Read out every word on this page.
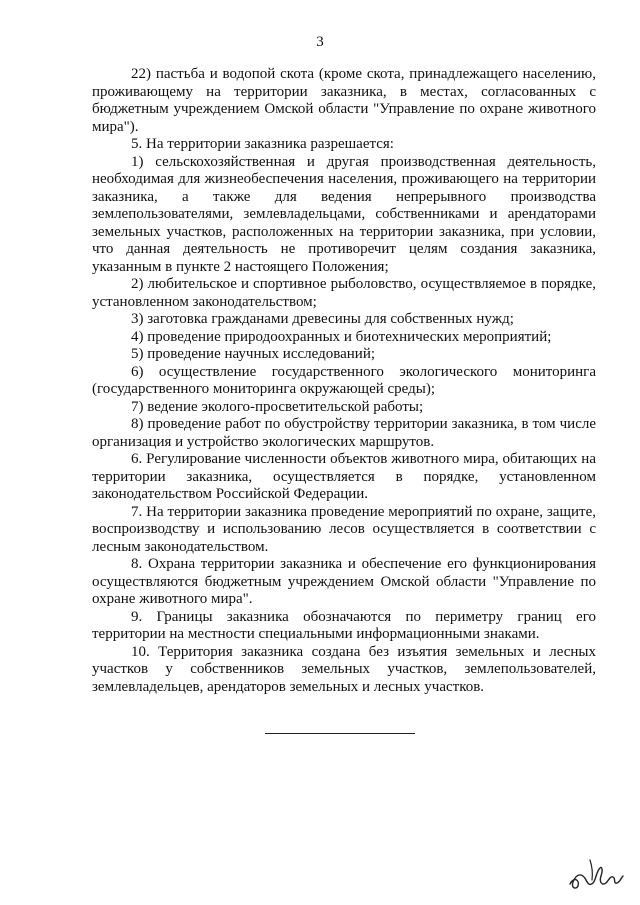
3

22) пастьба и водопой скота (кроме скота, принадлежащего населению, проживающему на территории заказника, в местах, согласованных с бюджетным учреждением Омской области "Управление по охране животного мира").

5. На территории заказника разрешается:

1) сельскохозяйственная и другая производственная деятельность, необходимая для жизнеобеспечения населения, проживающего на территории заказника, а также для ведения непрерывного производства землепользователями, землевладельцами, собственниками и арендаторами земельных участков, расположенных на территории заказника, при условии, что данная деятельность не противоречит целям создания заказника, указанным в пункте 2 настоящего Положения;

2) любительское и спортивное рыболовство, осуществляемое в порядке, установленном законодательством;

3) заготовка гражданами древесины для собственных нужд;

4) проведение природоохранных и биотехнических мероприятий;

5) проведение научных исследований;

6) осуществление государственного экологического мониторинга (государственного мониторинга окружающей среды);

7) ведение эколого-просветительской работы;

8) проведение работ по обустройству территории заказника, в том числе организация и устройство экологических маршрутов.

6. Регулирование численности объектов животного мира, обитающих на территории заказника, осуществляется в порядке, установленном законодательством Российской Федерации.

7. На территории заказника проведение мероприятий по охране, защите, воспроизводству и использованию лесов осуществляется в соответствии с лесным законодательством.

8. Охрана территории заказника и обеспечение его функционирования осуществляются бюджетным учреждением Омской области "Управление по охране животного мира".

9. Границы заказника обозначаются по периметру границ его территории на местности специальными информационными знаками.

10. Территория заказника создана без изъятия земельных и лесных участков у собственников земельных участков, землепользователей, землевладельцев, арендаторов земельных и лесных участков.
